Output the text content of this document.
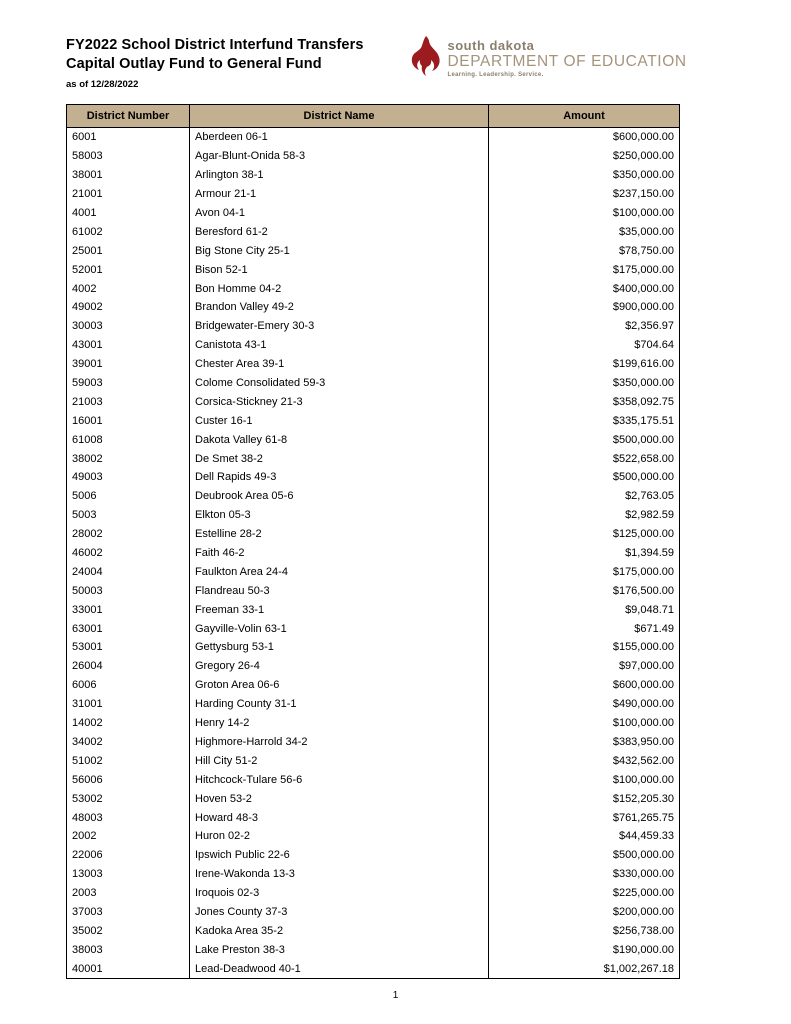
FY2022 School District Interfund Transfers
Capital Outlay Fund to General Fund
as of 12/28/2022
south dakota
DEPARTMENT OF EDUCATION
Learning. Leadership. Service.
District Number	District Name	Amount
6001	Aberdeen 06-1	$600,000.00
58003	Agar-Blunt-Onida 58-3	$250,000.00
38001	Arlington 38-1	$350,000.00
21001	Armour 21-1	$237,150.00
4001	Avon 04-1	$100,000.00
61002	Beresford 61-2	$35,000.00
25001	Big Stone City 25-1	$78,750.00
52001	Bison 52-1	$175,000.00
4002	Bon Homme 04-2	$400,000.00
49002	Brandon Valley 49-2	$900,000.00
30003	Bridgewater-Emery 30-3	$2,356.97
43001	Canistota 43-1	$704.64
39001	Chester Area 39-1	$199,616.00
59003	Colome Consolidated 59-3	$350,000.00
21003	Corsica-Stickney 21-3	$358,092.75
16001	Custer 16-1	$335,175.51
61008	Dakota Valley 61-8	$500,000.00
38002	De Smet 38-2	$522,658.00
49003	Dell Rapids 49-3	$500,000.00
5006	Deubrook Area 05-6	$2,763.05
5003	Elkton 05-3	$2,982.59
28002	Estelline 28-2	$125,000.00
46002	Faith 46-2	$1,394.59
24004	Faulkton Area 24-4	$175,000.00
50003	Flandreau 50-3	$176,500.00
33001	Freeman 33-1	$9,048.71
63001	Gayville-Volin 63-1	$671.49
53001	Gettysburg 53-1	$155,000.00
26004	Gregory 26-4	$97,000.00
6006	Groton Area 06-6	$600,000.00
31001	Harding County 31-1	$490,000.00
14002	Henry 14-2	$100,000.00
34002	Highmore-Harrold 34-2	$383,950.00
51002	Hill City 51-2	$432,562.00
56006	Hitchcock-Tulare 56-6	$100,000.00
53002	Hoven 53-2	$152,205.30
48003	Howard 48-3	$761,265.75
2002	Huron 02-2	$44,459.33
22006	Ipswich Public 22-6	$500,000.00
13003	Irene-Wakonda 13-3	$330,000.00
2003	Iroquois 02-3	$225,000.00
37003	Jones County 37-3	$200,000.00
35002	Kadoka Area 35-2	$256,738.00
38003	Lake Preston 38-3	$190,000.00
40001	Lead-Deadwood 40-1	$1,002,267.18
1
